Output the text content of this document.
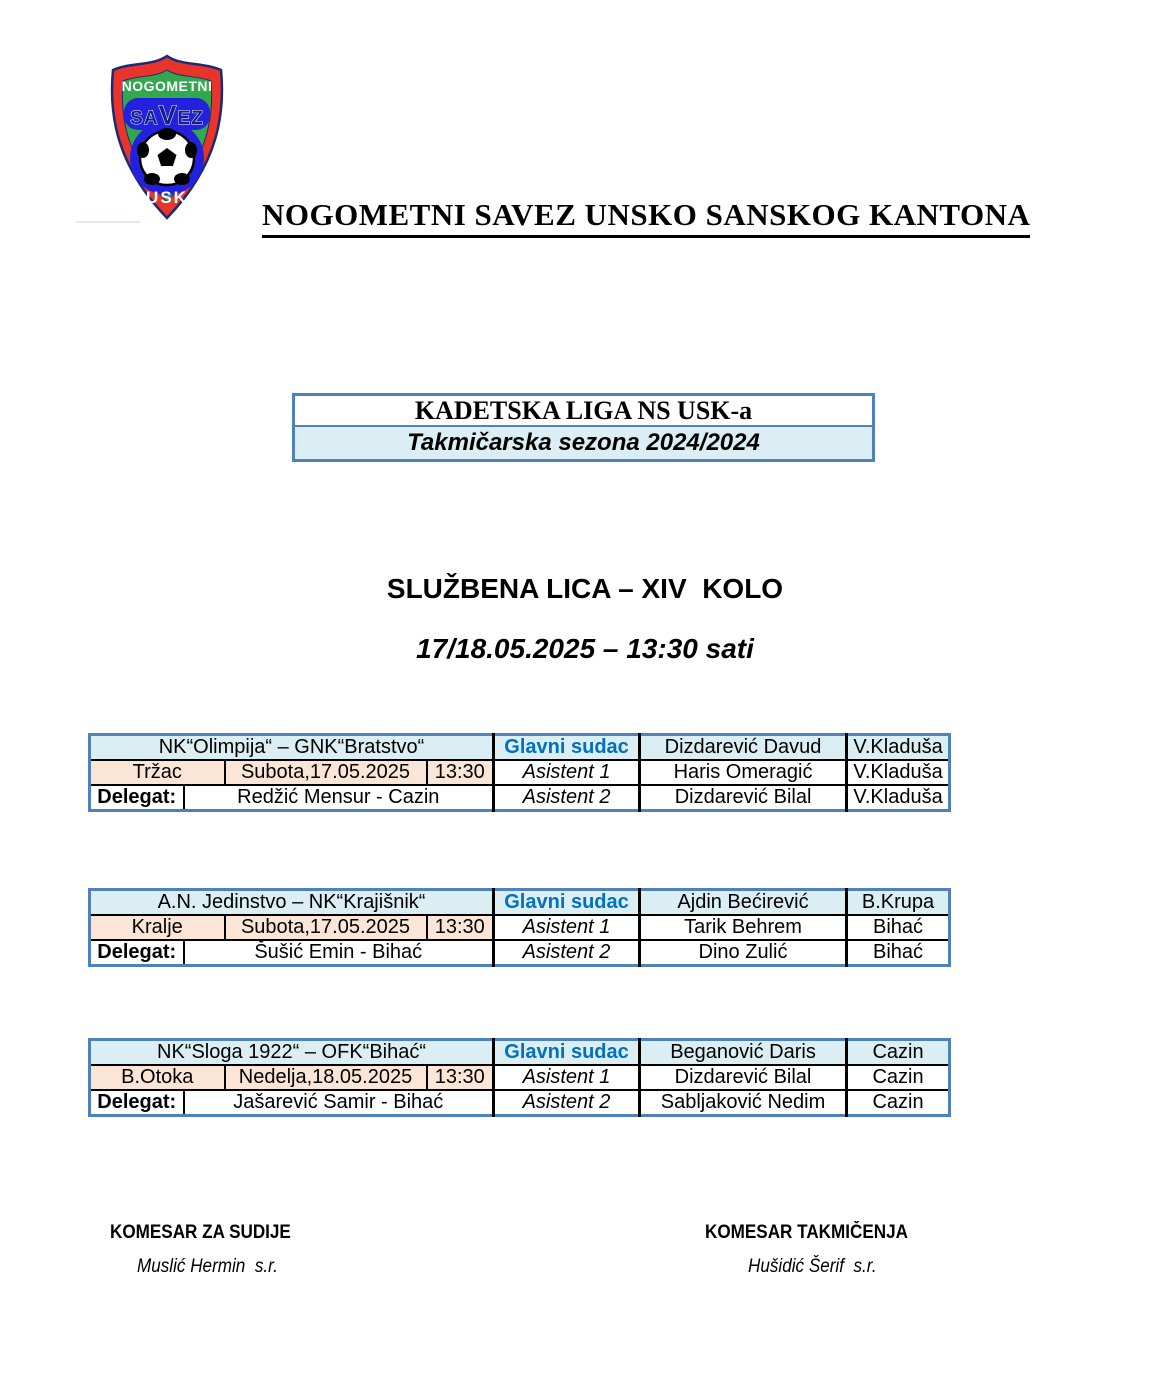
NOGOMETNI
SAVEZ
USK NOGOMETNI SAVEZ UNSKO SANSKOG KANTONA
KADETSKA LIGA NS USK-a
Takmičarska sezona 2024/2024
SLUŽBENA LICA – XIV  KOLO
17/18.05.2025 – 13:30 sati
NK“Olimpija“ – GNK“Bratstvo“				Glavni sudac	Dizdarević Davud	V.Kladuša
Tržac		Subota,17.05.2025	13:30	Asistent 1	Haris Omeragić	V.Kladuša
Delegat:	Redžić Mensur - Cazin			Asistent 2	Dizdarević Bilal	V.Kladuša
A.N. Jedinstvo – NK“Krajišnik“				Glavni sudac	Ajdin Bećirević	B.Krupa
Kralje		Subota,17.05.2025	13:30	Asistent 1	Tarik Behrem	Bihać
Delegat:	Šušić Emin - Bihać			Asistent 2	Dino Zulić	Bihać
NK“Sloga 1922“ – OFK“Bihać“				Glavni sudac	Beganović Daris	Cazin
B.Otoka		Nedelja,18.05.2025	13:30	Asistent 1	Dizdarević Bilal	Cazin
Delegat:	Jašarević Samir - Bihać			Asistent 2	Sabljaković Nedim	Cazin
KOMESAR ZA SUDIJE
Muslić Hermin  s.r.
KOMESAR TAKMIČENJA
Hušidić Šerif  s.r.
